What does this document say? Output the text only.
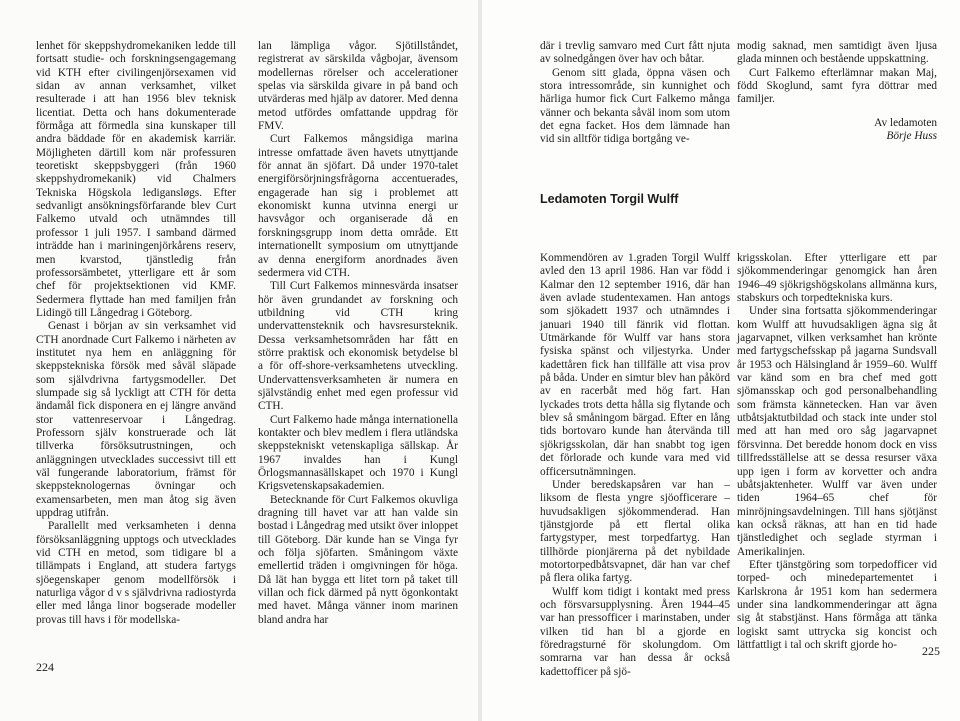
lenhet för skeppshydromekaniken ledde till fortsatt studie- och forskningsengagemang vid KTH efter civilingenjörsexamen vid sidan av annan verksamhet, vilket resulterade i att han 1956 blev teknisk licentiat. Detta och hans dokumenterade förmåga att förmedla sina kunskaper till andra bäddade för en akademisk karriär. Möjligheten därtill kom när professuren teoretiskt skeppsbyggeri (från 1960 skeppshydromekanik) vid Chalmers Tekniska Högskola ledigansløgs. Efter sedvanligt ansökningsförfarande blev Curt Falkemo utvald och utnämndes till professor 1 juli 1957. I samband därmed inträdde han i mariningenjörkårens reserv, men kvarstod, tjänstledig från professorsämbetet, ytterligare ett år som chef för projektsektionen vid KMF. Sedermera flyttade han med familjen från Lidingö till Långedrag i Göteborg.

Genast i början av sin verksamhet vid CTH anordnade Curt Falkemo i närheten av institutet nya hem en anläggning för skeppstekniska försök med såväl släpade som självdrivna fartygsmodeller. Det slumpade sig så lyckligt att CTH för detta ändamål fick disponera en ej längre använd stor vattenreservoar i Långedrag. Professorn själv konstruerade och lät tillverka försöksutrustningen, och anläggningen utvecklades successivt till ett väl fungerande laboratorium, främst för skeppsteknologernas övningar och examensarbeten, men man åtog sig även uppdrag utifrån.

Parallellt med verksamheten i denna försöksanläggning upptogs och utvecklades vid CTH en metod, som tidigare bl a tillämpats i England, att studera fartygs sjöegenskaper genom modellförsök i naturliga vågor d v s självdrivna radiostyrda eller med långa linor bogserade modeller provas till havs i för modellska-

lan lämpliga vågor. Sjötillståndet, registrerat av särskilda vågbojar, ävensom modellernas rörelser och accelerationer spelas via särskilda givare in på band och utvärderas med hjälp av datorer. Med denna metod utfördes omfattande uppdrag för FMV.

Curt Falkemos mångsidiga marina intresse omfattade även havets utnyttjande för annat än sjöfart. Då under 1970-talet energiförsörjningsfrågorna accentuerades, engagerade han sig i problemet att ekonomiskt kunna utvinna energi ur havsvågor och organiserade då en forskningsgrupp inom detta område. Ett internationellt symposium om utnyttjande av denna energiform anordnades även sedermera vid CTH.

Till Curt Falkemos minnesvärda insatser hör även grundandet av forskning och utbildning vid CTH kring undervattensteknik och havsresursteknik. Dessa verksamhetsområden har fått en större praktisk och ekonomisk betydelse bl a för off-shore-verksamhetens utveckling. Undervattensverksamheten är numera en självständig enhet med egen professur vid CTH.

Curt Falkemo hade många internationella kontakter och blev medlem i flera utländska skeppstekniskt vetenskapliga sällskap. År 1967 invaldes han i Kungl Örlogsmannasällskapet och 1970 i Kungl Krigsvetenskapsakademien.

Betecknande för Curt Falkemos okuvliga dragning till havet var att han valde sin bostad i Långedrag med utsikt över inloppet till Göteborg. Där kunde han se Vinga fyr och följa sjöfarten. Småningom växte emellertid träden i omgivningen för höga. Då lät han bygga ett litet torn på taket till villan och fick därmed på nytt ögonkontakt med havet. Många vänner inom marinen bland andra har

224

där i trevlig samvaro med Curt fått njuta av solnedgången över hav och båtar.

Genom sitt glada, öppna väsen och stora intressområde, sin kunnighet och härliga humor fick Curt Falkemo många vänner och bekanta såväl inom som utom det egna facket. Hos dem lämnade han vid sin alltför tidiga bortgång ve-

modig saknad, men samtidigt även ljusa glada minnen och bestående uppskattning.

Curt Falkemo efterlämnar makan Maj, född Skoglund, samt fyra döttrar med familjer.

Av ledamoten
Börje Huss
Ledamoten Torgil Wulff

Kommendören av 1.graden Torgil Wulff avled den 13 april 1986. Han var född i Kalmar den 12 september 1916, där han även avlade studentexamen. Han antogs som sjökadett 1937 och utnämndes i januari 1940 till fänrik vid flottan. Utmärkande för Wulff var hans stora fysiska spänst och viljestyrka. Under kadettåren fick han tillfälle att visa prov på båda. Under en simtur blev han påkörd av en racerbåt med hög fart. Han lyckades trots detta hålla sig flytande och blev så småningom bärgad. Efter en lång tids bortovaro kunde han återvända till sjökrigsskolan, där han snabbt tog igen det förlorade och kunde vara med vid officersutnämningen.

Under beredskapsåren var han – liksom de flesta yngre sjöofficerare – huvudsakligen sjökommenderad. Han tjänstgjorde på ett flertal olika fartygstyper, mest torpedfartyg. Han tillhörde pionjärerna på det nybildade motortorpedbåtsvapnet, där han var chef på flera olika fartyg.

Wulff kom tidigt i kontakt med press och försvarsupplysning. Åren 1944–45 var han pressofficer i marinstaben, under vilken tid han bl a gjorde en föredragsturné för skolungdom. Om somrarna var han dessa år också kadettofficer på sjö-

krigsskolan. Efter ytterligare ett par sjökommenderingar genomgick han åren 1946–49 sjökrigshögskolans allmänna kurs, stabskurs och torpedtekniska kurs.

Under sina fortsatta sjökommenderingar kom Wulff att huvudsakligen ägna sig åt jagarvapnet, vilken verksamhet han krönte med fartygschefsskap på jagarna Sundsvall år 1953 och Hälsingland år 1959–60. Wulff var känd som en bra chef med gott sjömansskap och god personalbehandling som främsta kännetecken. Han var även utbåtsjaktutbildad och stack inte under stol med att han med oro såg jagarvapnet försvinna. Det beredde honom dock en viss tillfredsställelse att se dessa resurser växa upp igen i form av korvetter och andra ubåtsjaktenheter. Wulff var även under tiden 1964–65 chef för minröjningsavdelningen. Till hans sjötjänst kan också räknas, att han en tid hade tjänstledighet och seglade styrman i Amerikalinjen.

Efter tjänstgöring som torpedofficer vid torped- och minedepartementet i Karlskrona år 1951 kom han sedermera under sina landkommenderingar att ägna sig åt stabstjänst. Hans förmåga att tänka logiskt samt uttrycka sig koncist och lättfattligt i tal och skrift gjorde ho-	225
